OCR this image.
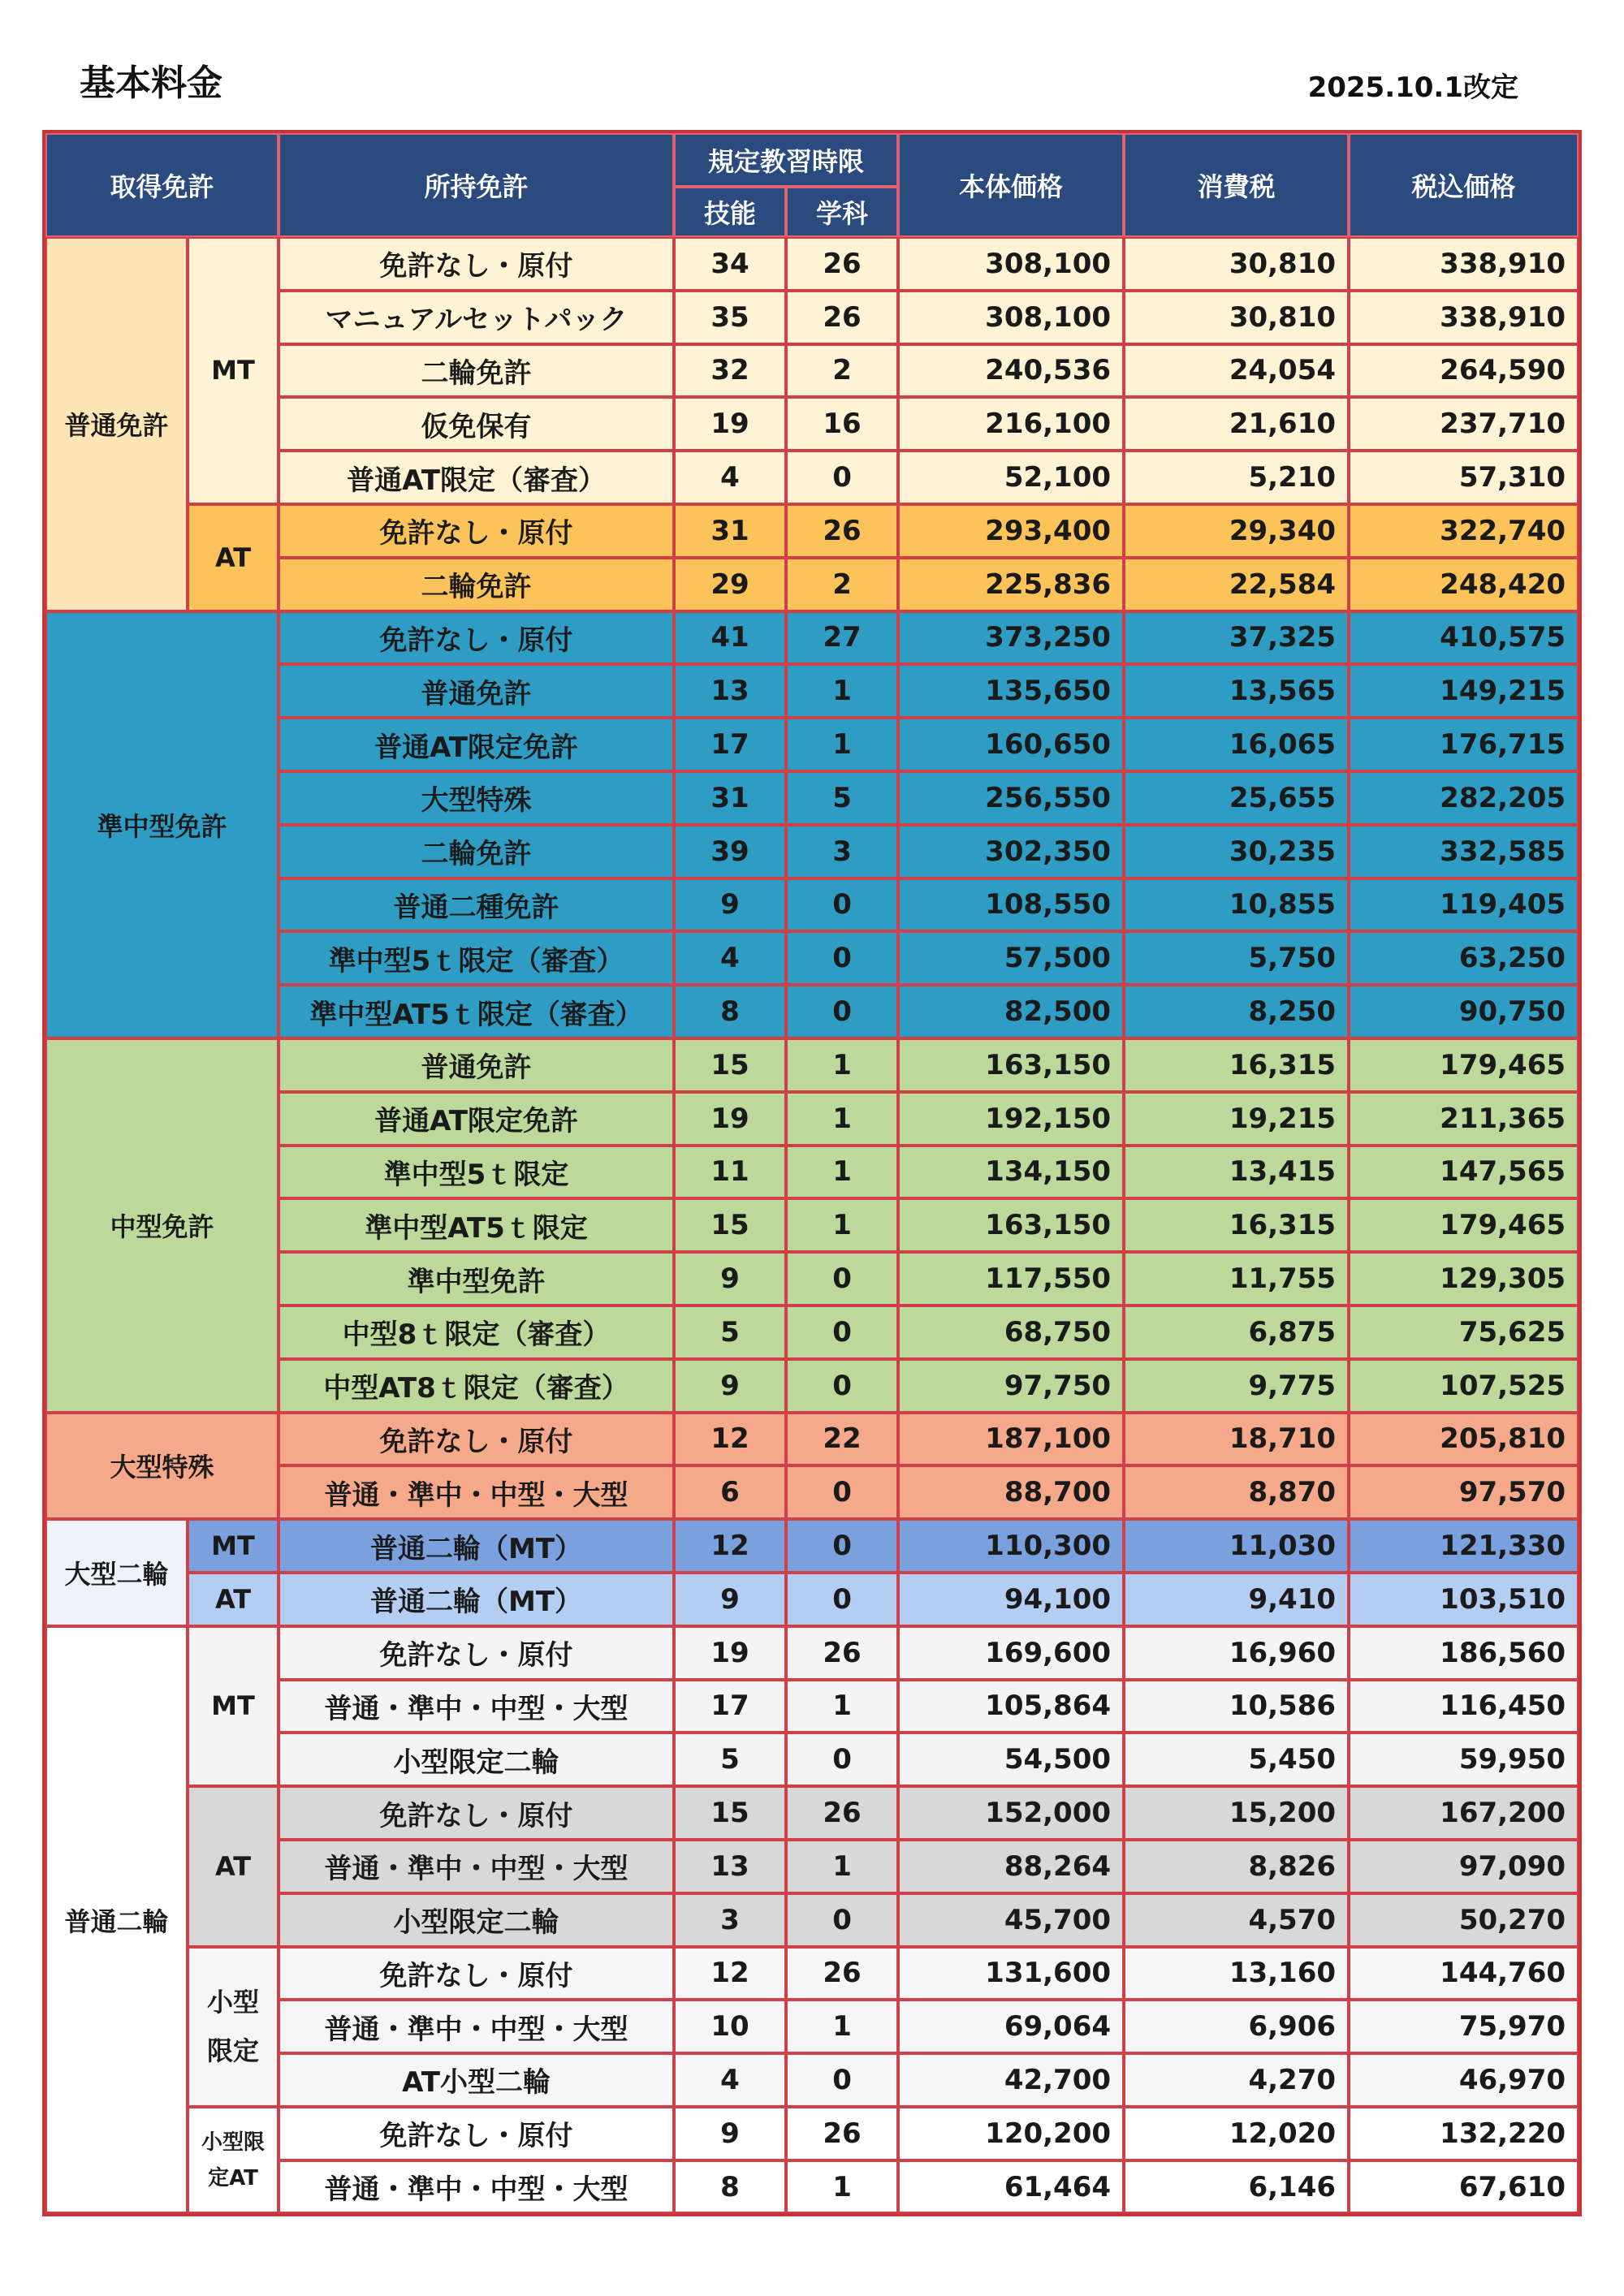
基本料金	2025.10.1改定
取得免許		所持免許	規定教習時限		本体価格	消費税	税込価格
			技能	学科			
普通免許	MT	免許なし・原付	34	26	308,100	30,810	338,910
		マニュアルセットパック	35	26	308,100	30,810	338,910
		二輪免許	32	2	240,536	24,054	264,590
		仮免保有	19	16	216,100	21,610	237,710
		普通AT限定（審査）	4	0	52,100	5,210	57,310
	AT	免許なし・原付	31	26	293,400	29,340	322,740
		二輪免許	29	2	225,836	22,584	248,420
準中型免許		免許なし・原付	41	27	373,250	37,325	410,575
		普通免許	13	1	135,650	13,565	149,215
		普通AT限定免許	17	1	160,650	16,065	176,715
		大型特殊	31	5	256,550	25,655	282,205
		二輪免許	39	3	302,350	30,235	332,585
		普通二種免許	9	0	108,550	10,855	119,405
		準中型5ｔ限定（審査）	4	0	57,500	5,750	63,250
		準中型AT5ｔ限定（審査）	8	0	82,500	8,250	90,750
中型免許		普通免許	15	1	163,150	16,315	179,465
		普通AT限定免許	19	1	192,150	19,215	211,365
		準中型5ｔ限定	11	1	134,150	13,415	147,565
		準中型AT5ｔ限定	15	1	163,150	16,315	179,465
		準中型免許	9	0	117,550	11,755	129,305
		中型8ｔ限定（審査）	5	0	68,750	6,875	75,625
		中型AT8ｔ限定（審査）	9	0	97,750	9,775	107,525
大型特殊		免許なし・原付	12	22	187,100	18,710	205,810
		普通・準中・中型・大型	6	0	88,700	8,870	97,570
大型二輪	MT	普通二輪（MT）	12	0	110,300	11,030	121,330
	AT	普通二輪（MT）	9	0	94,100	9,410	103,510
普通二輪	MT	免許なし・原付	19	26	169,600	16,960	186,560
		普通・準中・中型・大型	17	1	105,864	10,586	116,450
		小型限定二輪	5	0	54,500	5,450	59,950
	AT	免許なし・原付	15	26	152,000	15,200	167,200
		普通・準中・中型・大型	13	1	88,264	8,826	97,090
		小型限定二輪	3	0	45,700	4,570	50,270
	小型 限定	免許なし・原付	12	26	131,600	13,160	144,760
		普通・準中・中型・大型	10	1	69,064	6,906	75,970
		AT小型二輪	4	0	42,700	4,270	46,970
	小型限 定AT	免許なし・原付	9	26	120,200	12,020	132,220
		普通・準中・中型・大型	8	1	61,464	6,146	67,610
